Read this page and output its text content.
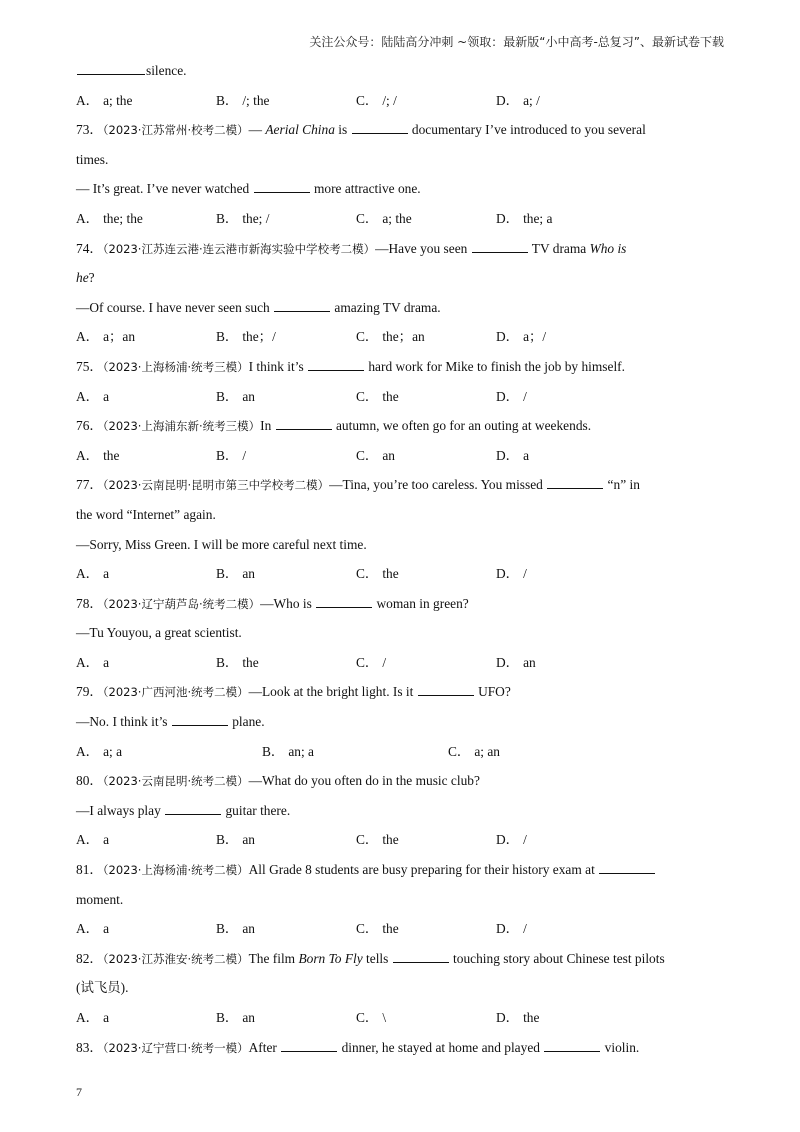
关注公众号：陆陆高分冲刺 ~领取：最新版“小中高考-总复习”、最新试卷下载
silence.
A． a; the	B． /; the	C． /; /	D． a; /
73．（2023·江苏常州·校考二模）— Aerial China is	documentary I’ve introduced to you several
times.
— It’s great. I’ve never watched	more attractive one.
A． the; the	B． the; /	C． a; the	D． the; a
74．（2023·江苏连云港·连云港市新海实验中学校考二模）—Have you seen	TV drama Who is
he?
—Of course. I have never seen such	amazing TV drama.
A． a；an	B． the；/	C． the；an	D． a；/
75．（2023·上海杨浦·统考三模）I think it’s	hard work for Mike to finish the job by himself.
A． a	B． an	C． the	D． /
76．（2023·上海浦东新·统考三模）In	autumn, we often go for an outing at weekends.
A． the	B． /	C． an	D． a
77．（2023·云南昆明·昆明市第三中学校考二模）—Tina, you’re too careless. You missed	“n” in
the word “Internet” again.
—Sorry, Miss Green. I will be more careful next time.
A． a	B． an	C． the	D． /
78．（2023·辽宁葫芦岛·统考二模）—Who is	woman in green?
—Tu Youyou, a great scientist.
A． a	B． the	C． /	D． an
79．（2023·广西河池·统考二模）—Look at the bright light. Is it	UFO?
—No. I think it’s	plane.
A． a; a	B． an; a	C． a; an
80．（2023·云南昆明·统考二模）—What do you often do in the music club?
—I always play	guitar there.
A． a	B． an	C． the	D． /
81．（2023·上海杨浦·统考二模）All Grade 8 students are busy preparing for their history exam at
moment.
A． a	B． an	C． the	D． /
82．（2023·江苏淮安·统考二模）The film Born To Fly tells	touching story about Chinese test pilots
(试飞员).
A． a	B． an	C． \	D． the
83．（2023·辽宁营口·统考一模）After	dinner, he stayed at home and played	violin.
7
